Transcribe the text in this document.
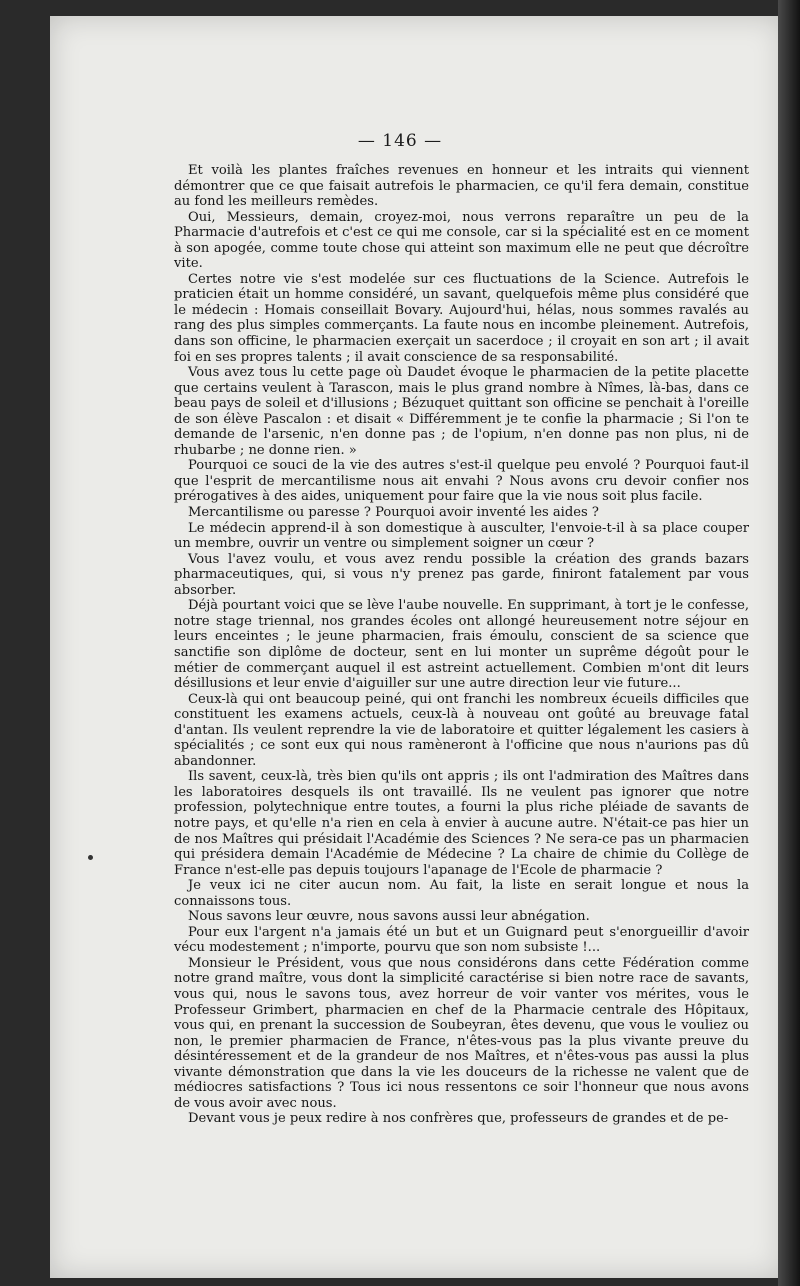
— 146 —

Et voilà les plantes fraîches revenues en honneur et les intraits qui viennent démontrer que ce que faisait autrefois le pharmacien, ce qu'il fera demain, constitue au fond les meilleurs remèdes.

Oui, Messieurs, demain, croyez-moi, nous verrons reparaître un peu de la Pharmacie d'autrefois et c'est ce qui me console, car si la spécialité est en ce moment à son apogée, comme toute chose qui atteint son maximum elle ne peut que décroître vite.

Certes notre vie s'est modelée sur ces fluctuations de la Science. Autrefois le praticien était un homme considéré, un savant, quelquefois même plus considéré que le médecin : Homais conseillait Bovary. Aujourd'hui, hélas, nous sommes ravalés au rang des plus simples commerçants. La faute nous en incombe pleinement. Autrefois, dans son officine, le pharmacien exerçait un sacerdoce ; il croyait en son art ; il avait foi en ses propres talents ; il avait conscience de sa responsabilité.

Vous avez tous lu cette page où Daudet évoque le pharmacien de la petite placette que certains veulent à Tarascon, mais le plus grand nombre à Nîmes, là-bas, dans ce beau pays de soleil et d'illusions ; Bézuquet quittant son officine se penchait à l'oreille de son élève Pascalon : et disait « Différemment je te confie la pharmacie ; Si l'on te demande de l'arsenic, n'en donne pas ; de l'opium, n'en donne pas non plus, ni de rhubarbe ; ne donne rien. »

Pourquoi ce souci de la vie des autres s'est-il quelque peu envolé ? Pourquoi faut-il que l'esprit de mercantilisme nous ait envahi ? Nous avons cru devoir confier nos prérogatives à des aides, uniquement pour faire que la vie nous soit plus facile.

Mercantilisme ou paresse ? Pourquoi avoir inventé les aides ?

Le médecin apprend-il à son domestique à ausculter, l'envoie-t-il à sa place couper un membre, ouvrir un ventre ou simplement soigner un cœur ?

Vous l'avez voulu, et vous avez rendu possible la création des grands bazars pharmaceutiques, qui, si vous n'y prenez pas garde, finiront fatalement par vous absorber.

Déjà pourtant voici que se lève l'aube nouvelle. En supprimant, à tort je le confesse, notre stage triennal, nos grandes écoles ont allongé heureusement notre séjour en leurs enceintes ; le jeune pharmacien, frais émoulu, conscient de sa science que sanctifie son diplôme de docteur, sent en lui monter un suprême dégoût pour le métier de commerçant auquel il est astreint actuellement. Combien m'ont dit leurs désillusions et leur envie d'aiguiller sur une autre direction leur vie future...

Ceux-là qui ont beaucoup peiné, qui ont franchi les nombreux écueils difficiles que constituent les examens actuels, ceux-là à nouveau ont goûté au breuvage fatal d'antan. Ils veulent reprendre la vie de laboratoire et quitter légalement les casiers à spécialités ; ce sont eux qui nous ramèneront à l'officine que nous n'aurions pas dû abandonner.

Ils savent, ceux-là, très bien qu'ils ont appris ; ils ont l'admiration des Maîtres dans les laboratoires desquels ils ont travaillé. Ils ne veulent pas ignorer que notre profession, polytechnique entre toutes, a fourni la plus riche pléiade de savants de notre pays, et qu'elle n'a rien en cela à envier à aucune autre. N'était-ce pas hier un de nos Maîtres qui présidait l'Académie des Sciences ? Ne sera-ce pas un pharmacien qui présidera demain l'Académie de Médecine ? La chaire de chimie du Collège de France n'est-elle pas depuis toujours l'apanage de l'Ecole de pharmacie ?

Je veux ici ne citer aucun nom. Au fait, la liste en serait longue et nous la connaissons tous.

Nous savons leur œuvre, nous savons aussi leur abnégation.

Pour eux l'argent n'a jamais été un but et un Guignard peut s'enorgueillir d'avoir vécu modestement ; n'importe, pourvu que son nom subsiste !...

Monsieur le Président, vous que nous considérons dans cette Fédération comme notre grand maître, vous dont la simplicité caractérise si bien notre race de savants, vous qui, nous le savons tous, avez horreur de voir vanter vos mérites, vous le Professeur Grimbert, pharmacien en chef de la Pharmacie centrale des Hôpitaux, vous qui, en prenant la succession de Soubeyran, êtes devenu, que vous le vouliez ou non, le premier pharmacien de France, n'êtes-vous pas la plus vivante preuve du désintéressement et de la grandeur de nos Maîtres, et n'êtes-vous pas aussi la plus vivante démonstration que dans la vie les douceurs de la richesse ne valent que de médiocres satisfactions ? Tous ici nous ressentons ce soir l'honneur que nous avons de vous avoir avec nous.

Devant vous je peux redire à nos confrères que, professeurs de grandes et de pe-
